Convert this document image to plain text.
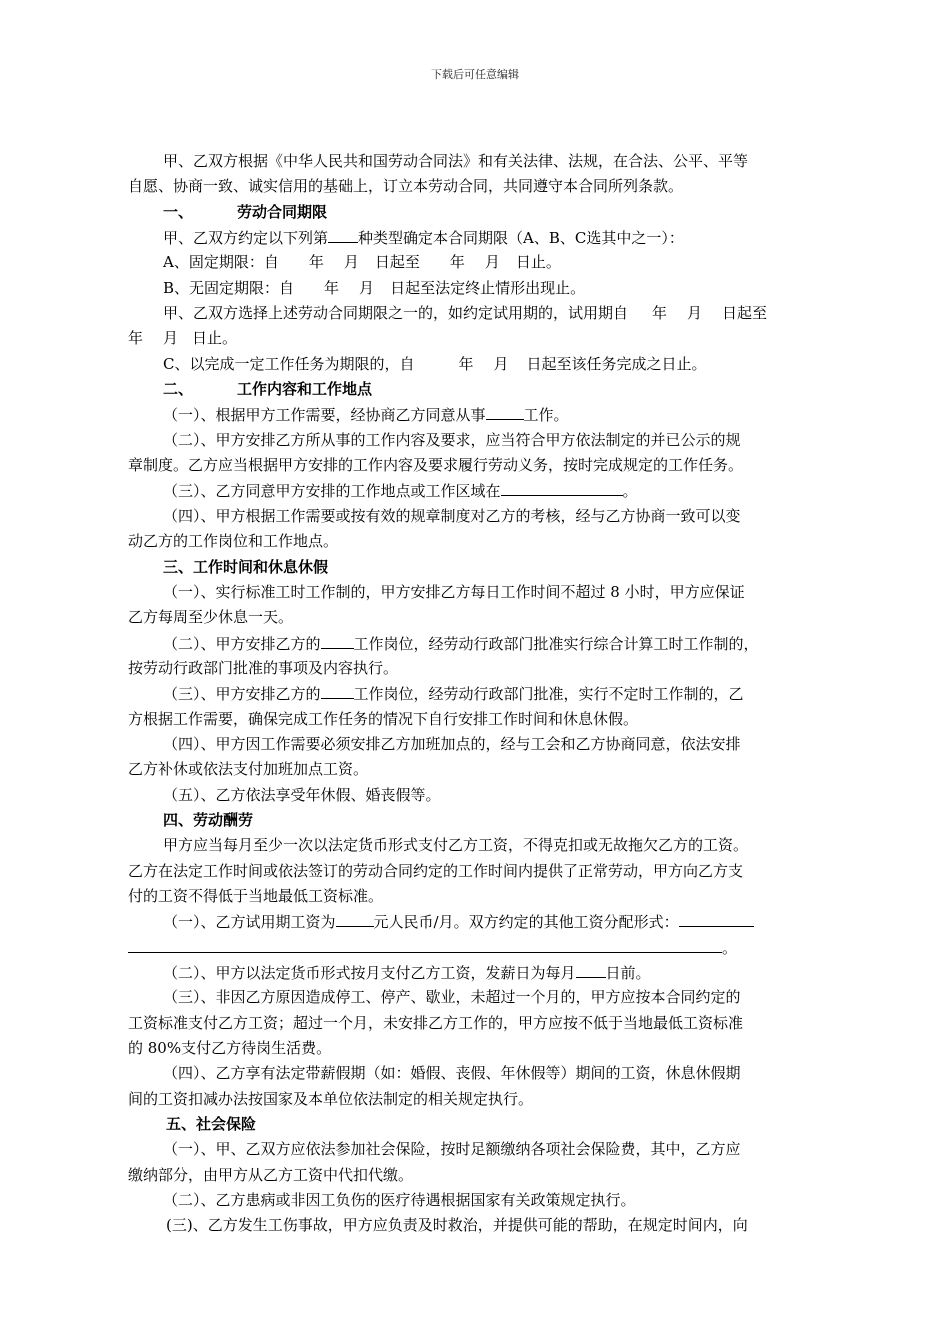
下载后可任意编辑
甲、乙双方根据《中华人民共和国劳动合同法》和有关法律、法规，在合法、公平、平等
自愿、协商一致、诚实信用的基础上，订立本劳动合同，共同遵守本合同所列条款。
一、	劳动合同期限
甲、乙双方约定以下列第 种类型确定本合同期限（A、B、C选其中之一）：
A、固定期限：自 年 月 日起至 年 月 日止。
B、无固定期限：自 年 月 日起至法定终止情形出现止。
甲、乙双方选择上述劳动合同期限之一的，如约定试用期的，试用期自 年 月 日起至
年 月 日止。
C、以完成一定工作任务为期限的，自	年 月 日起至该任务完成之日止。
二、	工作内容和工作地点
（一）、根据甲方工作需要，经协商乙方同意从事	工作。
（二）、甲方安排乙方所从事的工作内容及要求，应当符合甲方依法制定的并已公示的规
章制度。乙方应当根据甲方安排的工作内容及要求履行劳动义务，按时完成规定的工作任务。
（三）、乙方同意甲方安排的工作地点或工作区域在	。
（四）、甲方根据工作需要或按有效的规章制度对乙方的考核，经与乙方协商一致可以变
动乙方的工作岗位和工作地点。
三、工作时间和休息休假
（一）、实行标准工时工作制的，甲方安排乙方每日工作时间不超过 8 小时，甲方应保证
乙方每周至少休息一天。
（二）、甲方安排乙方的 工作岗位，经劳动行政部门批准实行综合计算工时工作制的，
按劳动行政部门批准的事项及内容执行。
（三）、甲方安排乙方的 工作岗位，经劳动行政部门批准，实行不定时工作制的，乙
方根据工作需要，确保完成工作任务的情况下自行安排工作时间和休息休假。
（四）、甲方因工作需要必须安排乙方加班加点的，经与工会和乙方协商同意，依法安排
乙方补休或依法支付加班加点工资。
（五）、乙方依法享受年休假、婚丧假等。
四、劳动酬劳
甲方应当每月至少一次以法定货币形式支付乙方工资，不得克扣或无故拖欠乙方的工资。
乙方在法定工作时间或依法签订的劳动合同约定的工作时间内提供了正常劳动，甲方向乙方支
付的工资不得低于当地最低工资标准。
（一）、乙方试用期工资为	元人民币/月。双方约定的其他工资分配形式：
。
（二）、甲方以法定货币形式按月支付乙方工资，发薪日为每月 日前。
（三）、非因乙方原因造成停工、停产、歇业，未超过一个月的，甲方应按本合同约定的
工资标准支付乙方工资；超过一个月，未安排乙方工作的，甲方应按不低于当地最低工资标准
的 80%支付乙方待岗生活费。
（四）、乙方享有法定带薪假期（如：婚假、丧假、年休假等）期间的工资，休息休假期
间的工资扣减办法按国家及本单位依法制定的相关规定执行。
五、社会保险
（一）、甲、乙双方应依法参加社会保险，按时足额缴纳各项社会保险费，其中，乙方应
缴纳部分，由甲方从乙方工资中代扣代缴。
（二）、乙方患病或非因工负伤的医疗待遇根据国家有关政策规定执行。
(三)、乙方发生工伤事故，甲方应负责及时救治，并提供可能的帮助，在规定时间内，向
